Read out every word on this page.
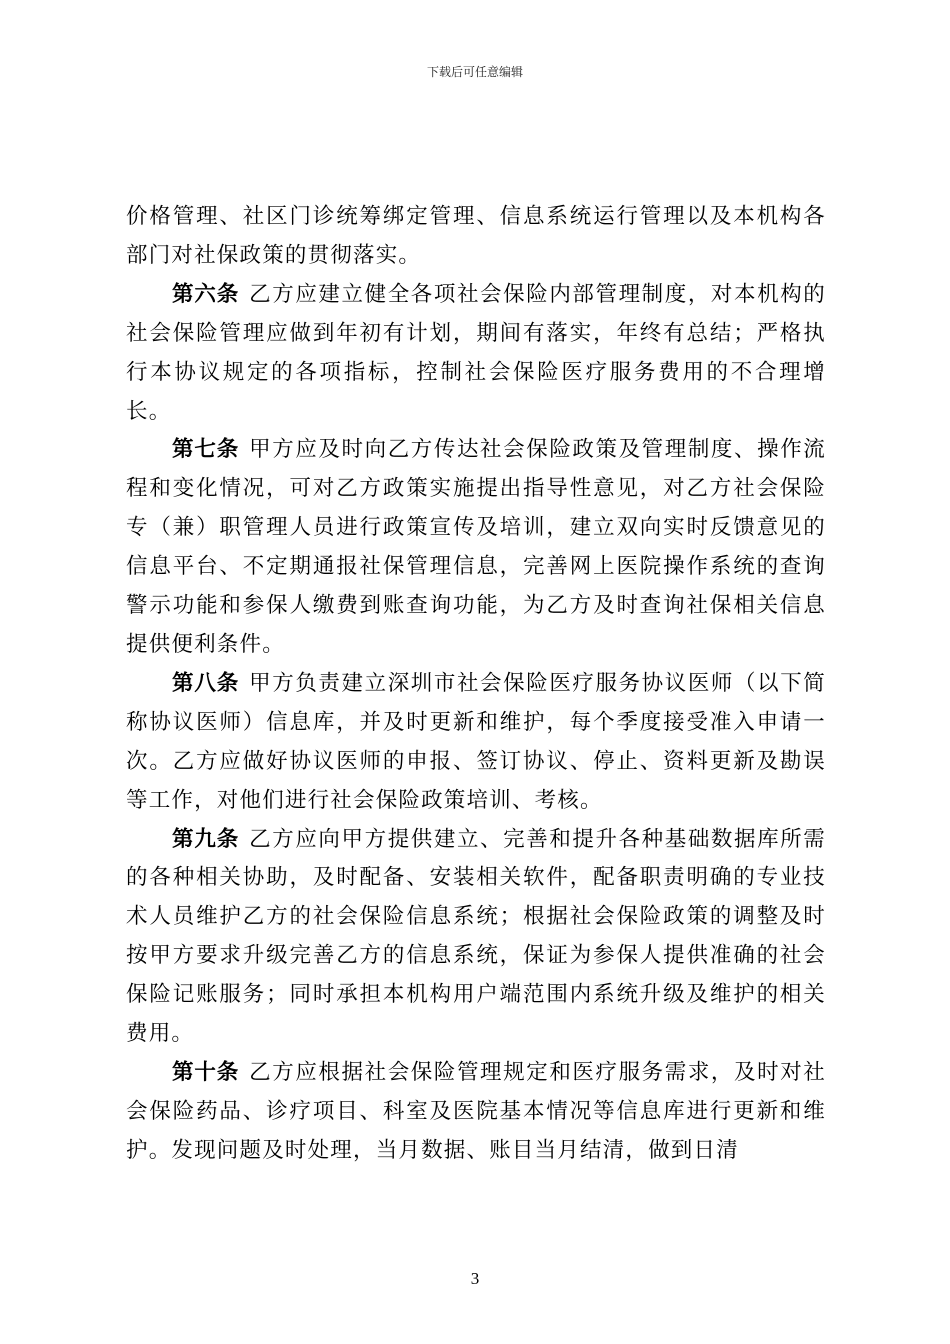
下载后可任意编辑

价格管理、社区门诊统筹绑定管理、信息系统运行管理以及本机构各部门对社保政策的贯彻落实。

第六条 乙方应建立健全各项社会保险内部管理制度，对本机构的社会保险管理应做到年初有计划，期间有落实，年终有总结；严格执行本协议规定的各项指标，控制社会保险医疗服务费用的不合理增长。

第七条 甲方应及时向乙方传达社会保险政策及管理制度、操作流程和变化情况，可对乙方政策实施提出指导性意见，对乙方社会保险专（兼）职管理人员进行政策宣传及培训，建立双向实时反馈意见的信息平台、不定期通报社保管理信息，完善网上医院操作系统的查询警示功能和参保人缴费到账查询功能，为乙方及时查询社保相关信息提供便利条件。

第八条 甲方负责建立深圳市社会保险医疗服务协议医师（以下简称协议医师）信息库，并及时更新和维护，每个季度接受准入申请一次。乙方应做好协议医师的申报、签订协议、停止、资料更新及勘误等工作，对他们进行社会保险政策培训、考核。

第九条 乙方应向甲方提供建立、完善和提升各种基础数据库所需的各种相关协助，及时配备、安装相关软件，配备职责明确的专业技术人员维护乙方的社会保险信息系统；根据社会保险政策的调整及时按甲方要求升级完善乙方的信息系统，保证为参保人提供准确的社会保险记账服务；同时承担本机构用户端范围内系统升级及维护的相关费用。

第十条 乙方应根据社会保险管理规定和医疗服务需求，及时对社会保险药品、诊疗项目、科室及医院基本情况等信息库进行更新和维护。发现问题及时处理，当月数据、账目当月结清，做到日清

3
